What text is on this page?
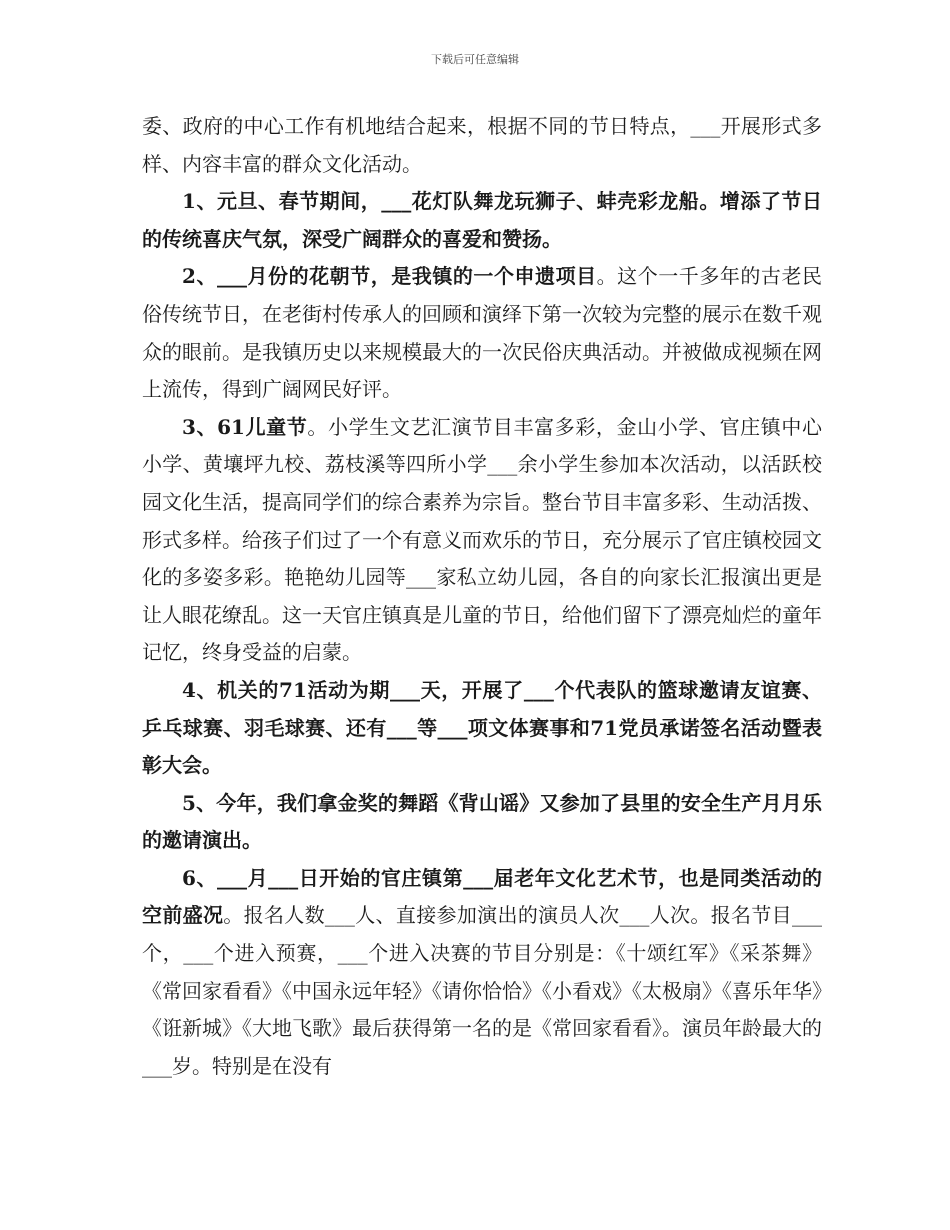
下载后可任意编辑

委、政府的中心工作有机地结合起来，根据不同的节日特点，___开展形式多样、内容丰富的群众文化活动。

1、元旦、春节期间，___花灯队舞龙玩狮子、蚌壳彩龙船。增添了节日的传统喜庆气氛，深受广阔群众的喜爱和赞扬。

2、___月份的花朝节，是我镇的一个申遗项目。这个一千多年的古老民俗传统节日，在老街村传承人的回顾和演绎下第一次较为完整的展示在数千观众的眼前。是我镇历史以来规模最大的一次民俗庆典活动。并被做成视频在网上流传，得到广阔网民好评。

3、61儿童节。小学生文艺汇演节目丰富多彩，金山小学、官庄镇中心小学、黄壤坪九校、荔枝溪等四所小学___余小学生参加本次活动，以活跃校园文化生活，提高同学们的综合素养为宗旨。整台节目丰富多彩、生动活拨、形式多样。给孩子们过了一个有意义而欢乐的节日，充分展示了官庄镇校园文化的多姿多彩。艳艳幼儿园等___家私立幼儿园，各自的向家长汇报演出更是让人眼花缭乱。这一天官庄镇真是儿童的节日，给他们留下了漂亮灿烂的童年记忆，终身受益的启蒙。

4、机关的71活动为期___天，开展了___个代表队的篮球邀请友谊赛、乒乓球赛、羽毛球赛、还有___等___项文体赛事和71党员承诺签名活动暨表彰大会。

5、今年，我们拿金奖的舞蹈《背山谣》又参加了县里的安全生产月月乐的邀请演出。

6、___月___日开始的官庄镇第___届老年文化艺术节，也是同类活动的空前盛况。报名人数___人、直接参加演出的演员人次___人次。报名节目___个，___个进入预赛，___个进入决赛的节目分别是：《十颂红军》《采茶舞》《常回家看看》《中国永远年轻》《请你恰恰》《小看戏》《太极扇》《喜乐年华》《诳新城》《大地飞歌》最后获得第一名的是《常回家看看》。演员年龄最大的___岁。特别是在没有
